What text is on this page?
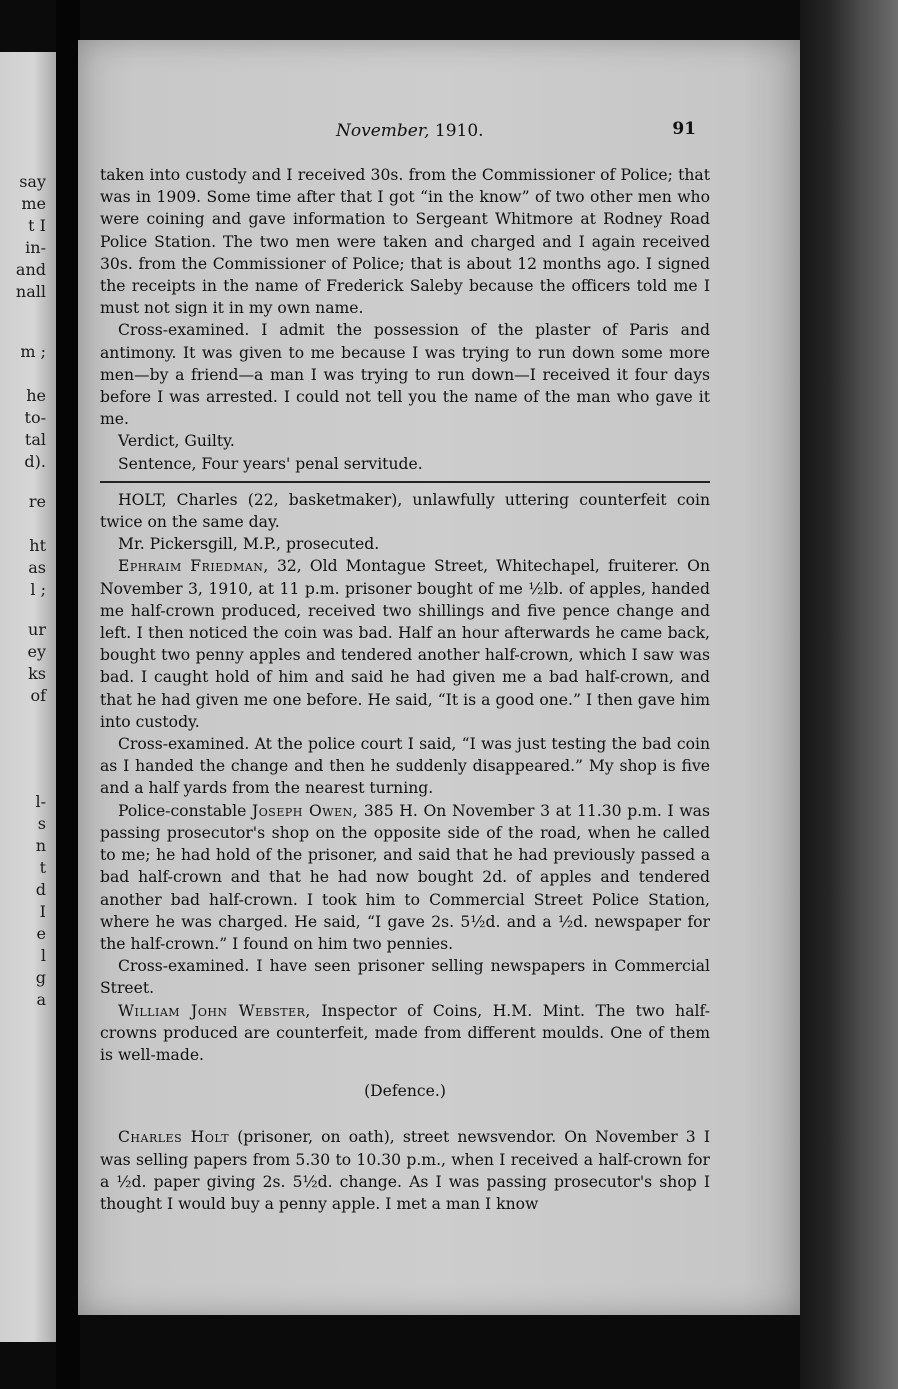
say
me
t I
in-
and
nall
m ;
he
to-
tal
d).
re
ht
as
l ;
ur
ey
ks
of
l-
s
n
t
d
I
e
l
g
a
November, 1910.	91

taken into custody and I received 30s. from the Commissioner of Police; that was in 1909. Some time after that I got “in the know” of two other men who were coining and gave information to Sergeant Whitmore at Rodney Road Police Station. The two men were taken and charged and I again received 30s. from the Commissioner of Police; that is about 12 months ago. I signed the receipts in the name of Frederick Saleby because the officers told me I must not sign it in my own name.

Cross-examined. I admit the possession of the plaster of Paris and antimony. It was given to me because I was trying to run down some more men—by a friend—a man I was trying to run down—I received it four days before I was arrested. I could not tell you the name of the man who gave it me.

Verdict, Guilty.

Sentence, Four years' penal servitude.

HOLT, Charles (22, basketmaker), unlawfully uttering counterfeit coin twice on the same day.

Mr. Pickersgill, M.P., prosecuted.

Ephraim Friedman, 32, Old Montague Street, Whitechapel, fruiterer. On November 3, 1910, at 11 p.m. prisoner bought of me ½lb. of apples, handed me half-crown produced, received two shillings and five pence change and left. I then noticed the coin was bad. Half an hour afterwards he came back, bought two penny apples and tendered another half-crown, which I saw was bad. I caught hold of him and said he had given me a bad half-crown, and that he had given me one before. He said, “It is a good one.” I then gave him into custody.

Cross-examined. At the police court I said, “I was just testing the bad coin as I handed the change and then he suddenly disappeared.” My shop is five and a half yards from the nearest turning.

Police-constable Joseph Owen, 385 H. On November 3 at 11.30 p.m. I was passing prosecutor's shop on the opposite side of the road, when he called to me; he had hold of the prisoner, and said that he had previously passed a bad half-crown and that he had now bought 2d. of apples and tendered another bad half-crown. I took him to Commercial Street Police Station, where he was charged. He said, “I gave 2s. 5½d. and a ½d. newspaper for the half-crown.” I found on him two pennies.

Cross-examined. I have seen prisoner selling newspapers in Commercial Street.

William John Webster, Inspector of Coins, H.M. Mint. The two half-crowns produced are counterfeit, made from different moulds. One of them is well-made.

(Defence.)

Charles Holt (prisoner, on oath), street newsvendor. On November 3 I was selling papers from 5.30 to 10.30 p.m., when I received a half-crown for a ½d. paper giving 2s. 5½d. change. As I was passing prosecutor's shop I thought I would buy a penny apple. I met a man I know
